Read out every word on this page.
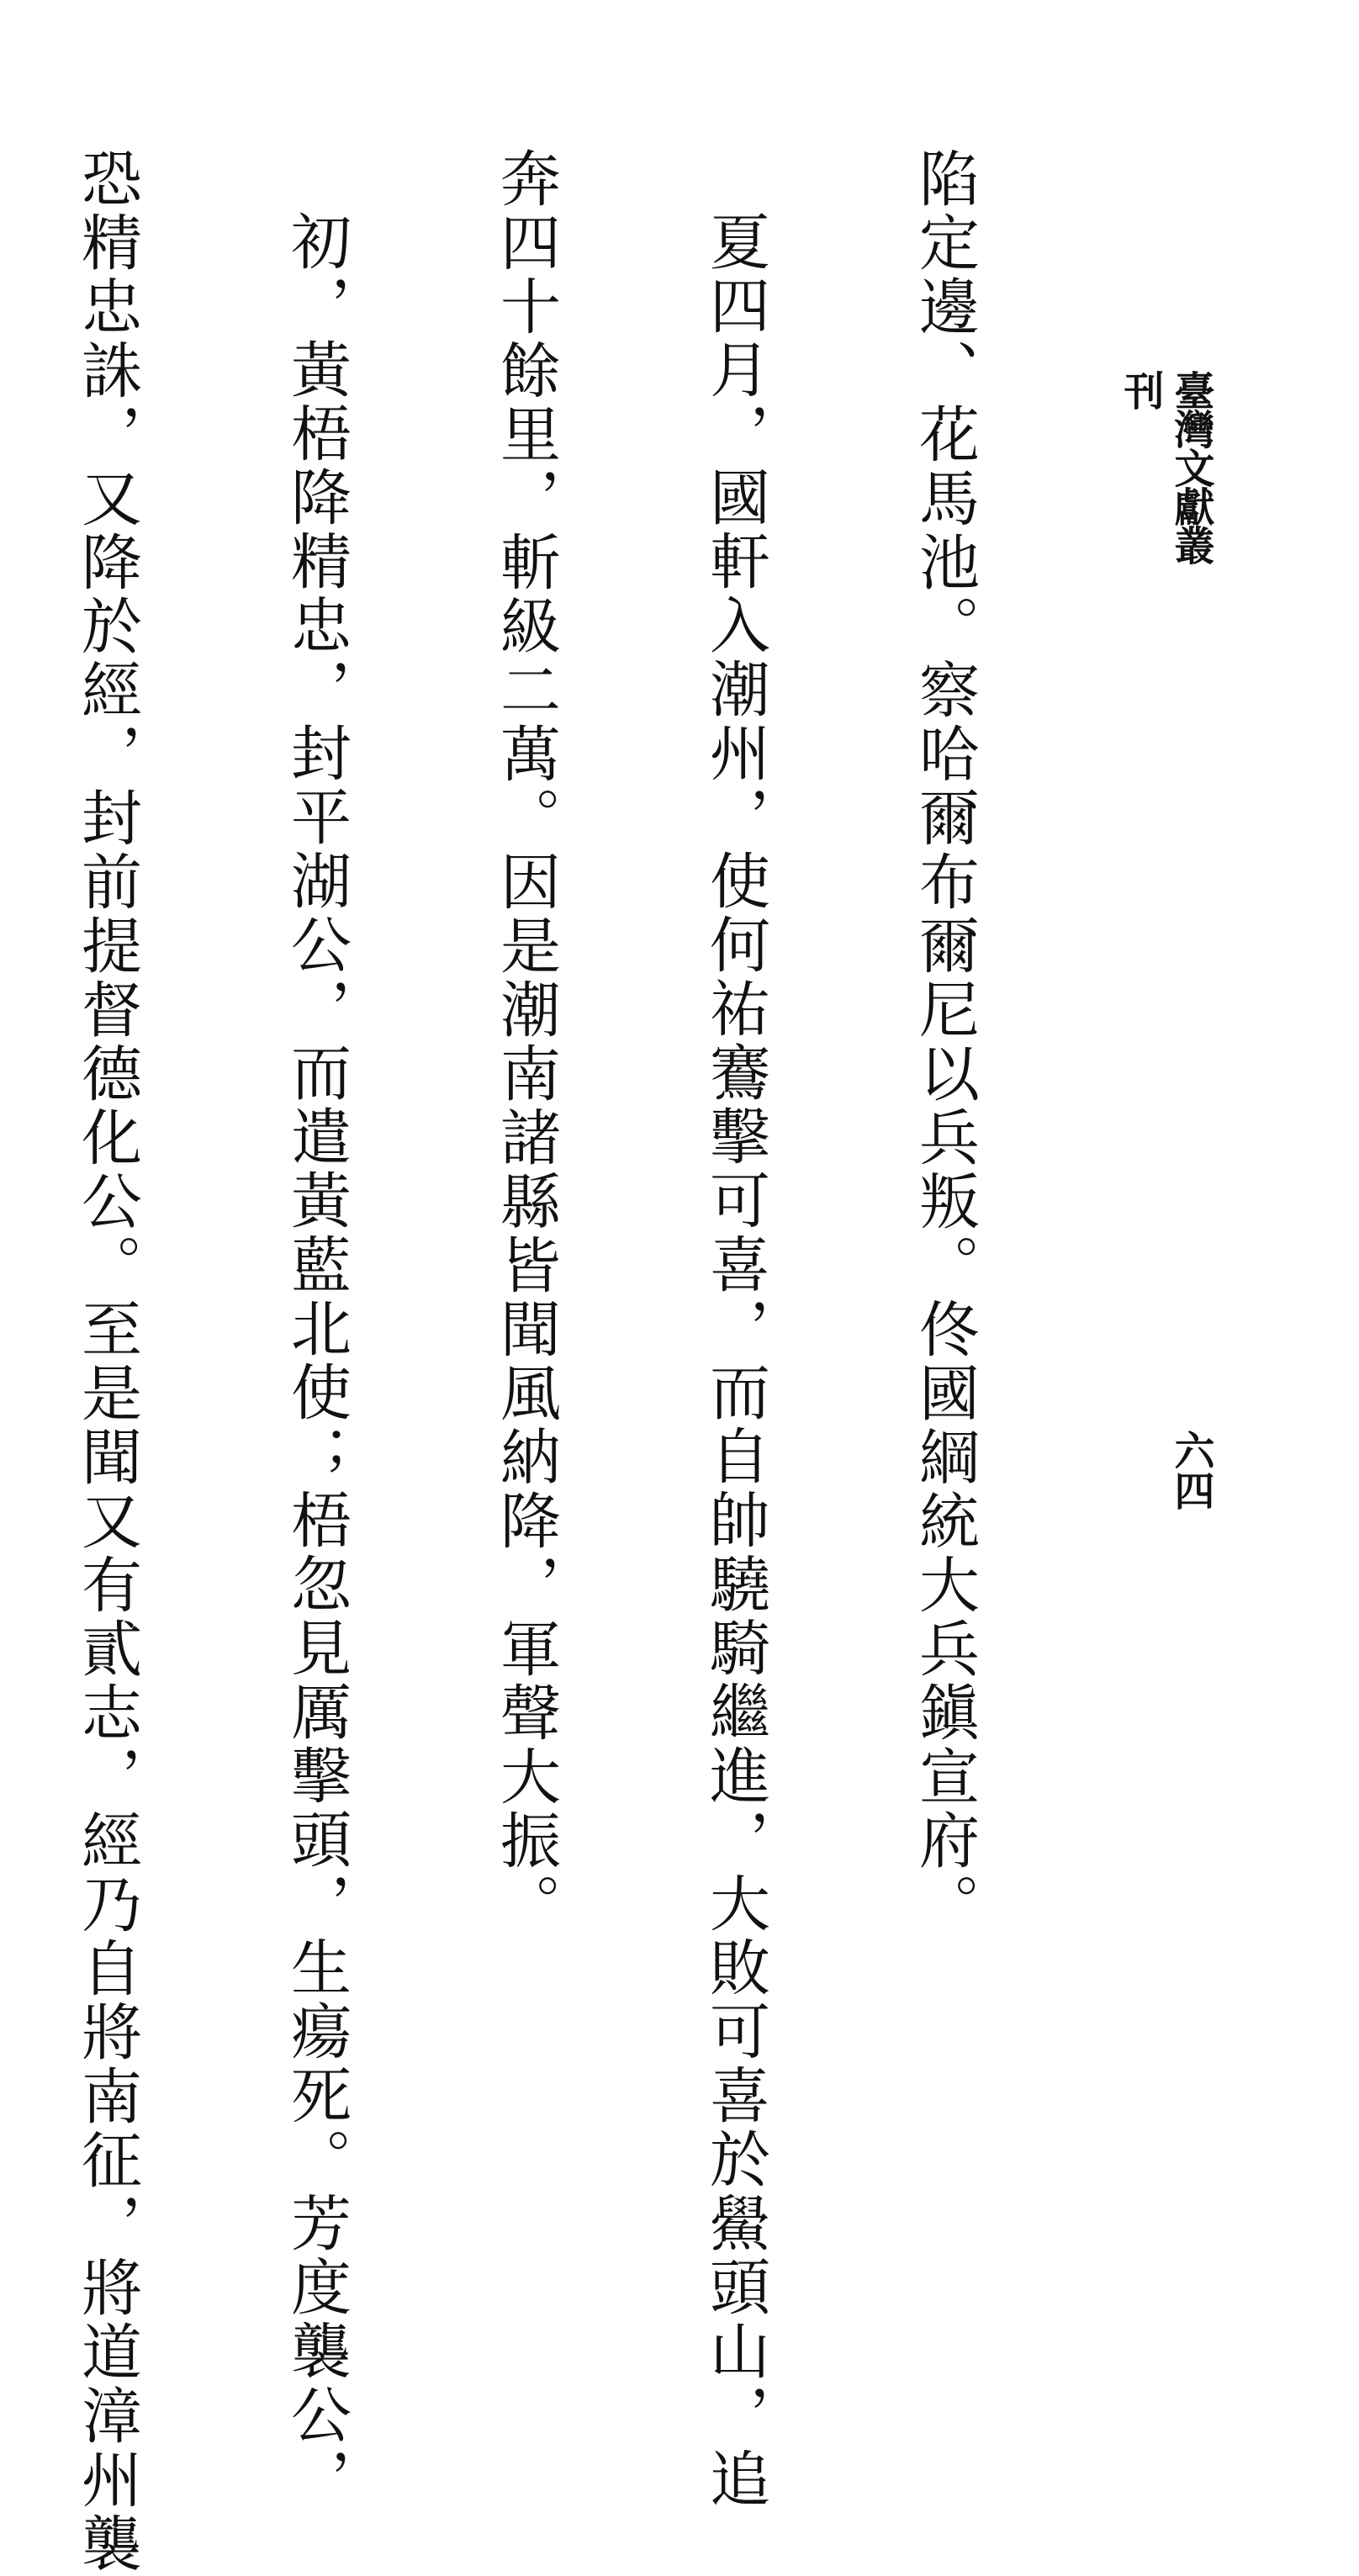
臺灣文獻叢刊
六四

陷定邊、花馬池。察哈爾布爾尼以兵叛。佟國綱統大兵鎭宣府。

夏四月，國軒入潮州，使何祐鶱擊可喜，而自帥驍騎繼進，大敗可喜於鱟頭山，追

奔四十餘里，斬級二萬。因是潮南諸縣皆聞風納降，軍聲大振。

初，黃梧降精忠，封平湖公，而遣黃藍北使；梧忽見厲擊頭，生瘍死。芳度襲公，

恐精忠誅，又降於經，封前提督德化公。至是聞又有貳志，經乃自將南征，將道漳州襲
